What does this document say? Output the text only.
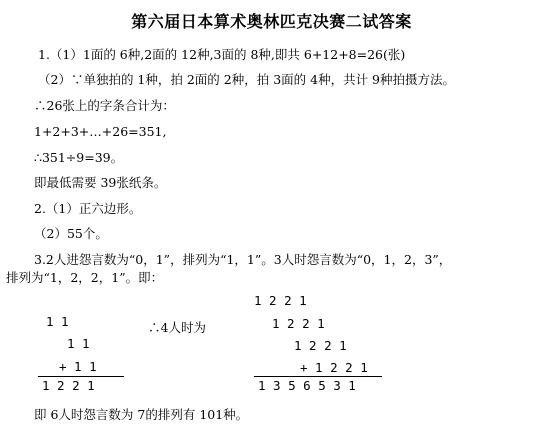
第六届日本算术奥林匹克决赛二试答案
1.（1）1面的 6种,2面的 12种,3面的 8种,即共 6+12+8=26(张)
（2）∵单独拍的 1种，拍 2面的 2种，拍 3面的 4种，共计 9种拍摄方法。
∴26张上的字条合计为：
1+2+3+…+26=351,
∴351÷9=39。
即最低需要 39张纸条。
2.（1）正六边形。
（2）55个。
3.2人进怨言数为“0，1”，排列为“1，1”。3人时怨言数为“0，1，2，3”，
排列为“1，2，2，1”。即：
1 1
1 1
+ 1 1
1 2 2 1
∴4人时为
1 2 2 1
1 2 2 1
1 2 2 1
+ 1 2 2 1
1 3 5 6 5 3 1
即 6人时怨言数为 7的排列有 101种。
